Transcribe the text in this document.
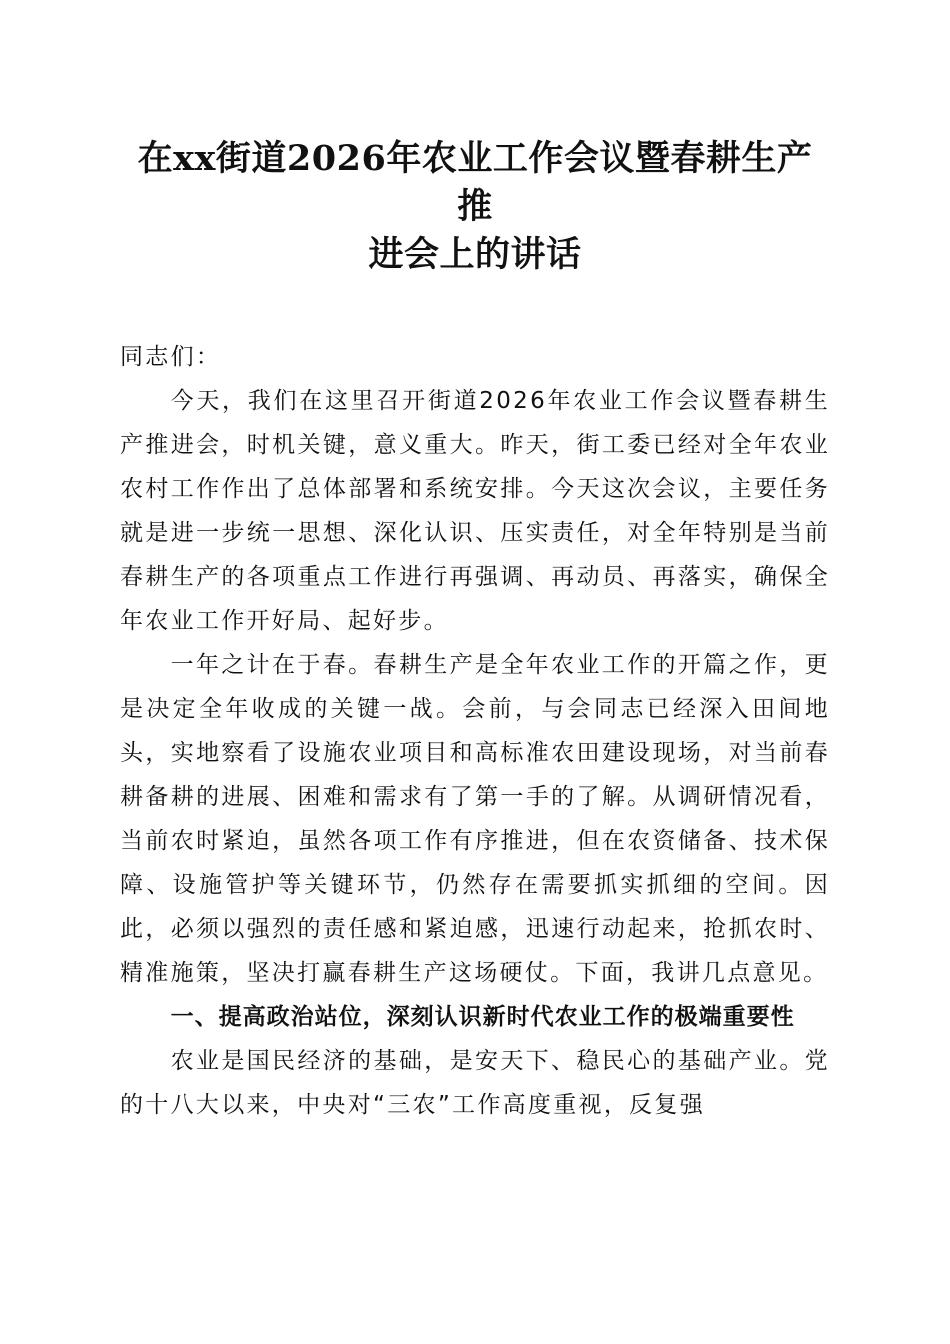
在xx街道2026年农业工作会议暨春耕生产推
进会上的讲话

同志们：

今天，我们在这里召开街道2026年农业工作会议暨春耕生产推进会，时机关键，意义重大。昨天，街工委已经对全年农业农村工作作出了总体部署和系统安排。今天这次会议，主要任务就是进一步统一思想、深化认识、压实责任，对全年特别是当前春耕生产的各项重点工作进行再强调、再动员、再落实，确保全年农业工作开好局、起好步。

一年之计在于春。春耕生产是全年农业工作的开篇之作，更是决定全年收成的关键一战。会前，与会同志已经深入田间地头，实地察看了设施农业项目和高标准农田建设现场，对当前春耕备耕的进展、困难和需求有了第一手的了解。从调研情况看，当前农时紧迫，虽然各项工作有序推进，但在农资储备、技术保障、设施管护等关键环节，仍然存在需要抓实抓细的空间。因此，必须以强烈的责任感和紧迫感，迅速行动起来，抢抓农时、精准施策，坚决打赢春耕生产这场硬仗。下面，我讲几点意见。

一、提高政治站位，深刻认识新时代农业工作的极端重要性

农业是国民经济的基础，是安天下、稳民心的基础产业。党的十八大以来，中央对“三农”工作高度重视，反复强
